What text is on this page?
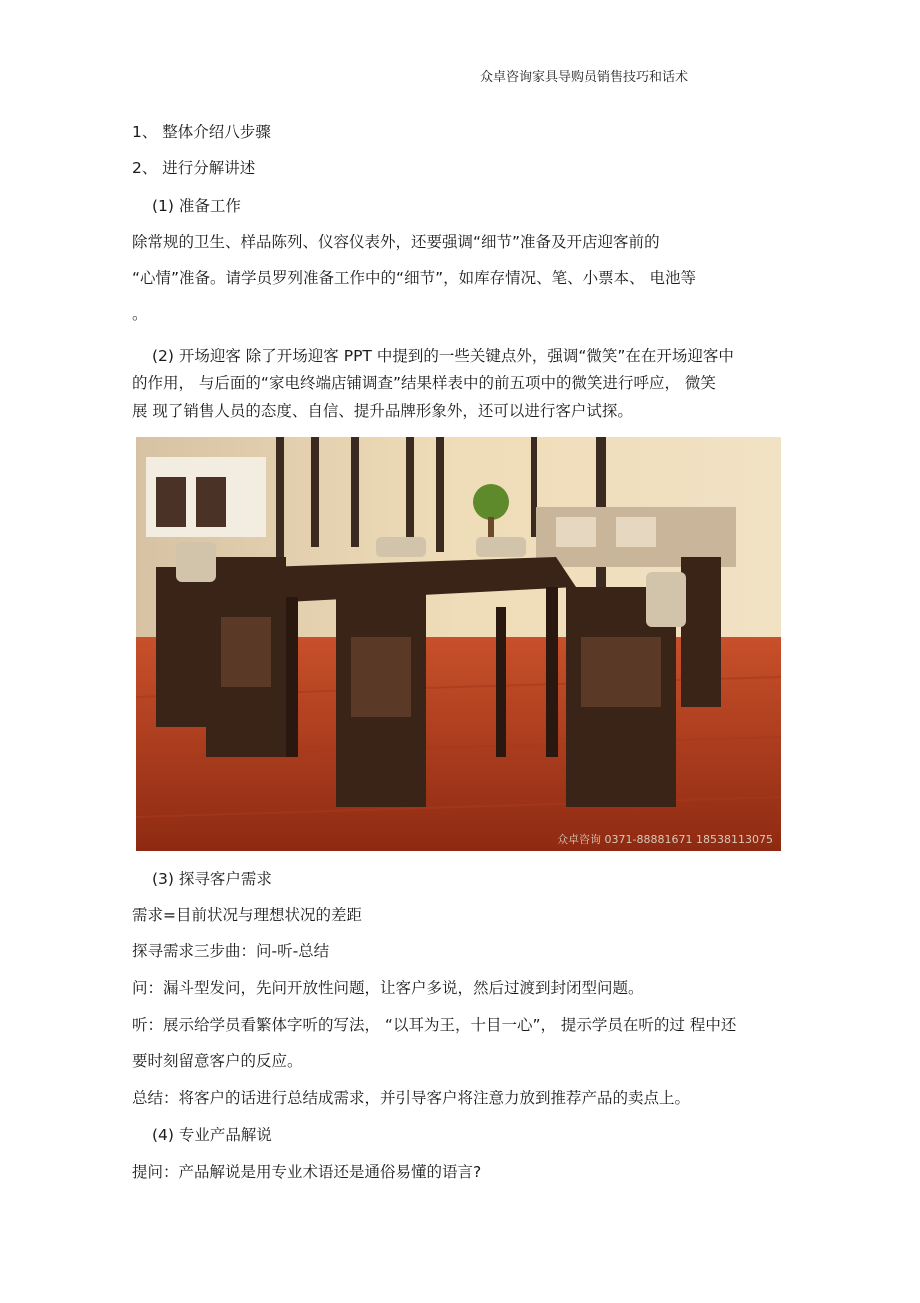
众卓咨询家具导购员销售技巧和话术
1、 整体介绍八步骤
2、 进行分解讲述
(1) 准备工作
除常规的卫生、样品陈列、仪容仪表外，还要强调“细节”准备及开店迎客前的
“心情”准备。请学员罗列准备工作中的“细节”，如库存情况、笔、小票本、 电池等
。
(2) 开场迎客 除了开场迎客 PPT 中提到的一些关键点外，强调“微笑”在在开场迎客中
的作用， 与后面的“家电终端店铺调查”结果样表中的前五项中的微笑进行呼应， 微笑
展 现了销售人员的态度、自信、提升品牌形象外，还可以进行客户试探。
众卓咨询 0371-88881671 18538113075
(3) 探寻客户需求
需求=目前状况与理想状况的差距
探寻需求三步曲：问-听-总结
问：漏斗型发问，先问开放性问题，让客户多说，然后过渡到封闭型问题。
听：展示给学员看繁体字听的写法， “以耳为王，十目一心”， 提示学员在听的过 程中还
要时刻留意客户的反应。
总结：将客户的话进行总结成需求，并引导客户将注意力放到推荐产品的卖点上。
(4) 专业产品解说
提问：产品解说是用专业术语还是通俗易懂的语言?
